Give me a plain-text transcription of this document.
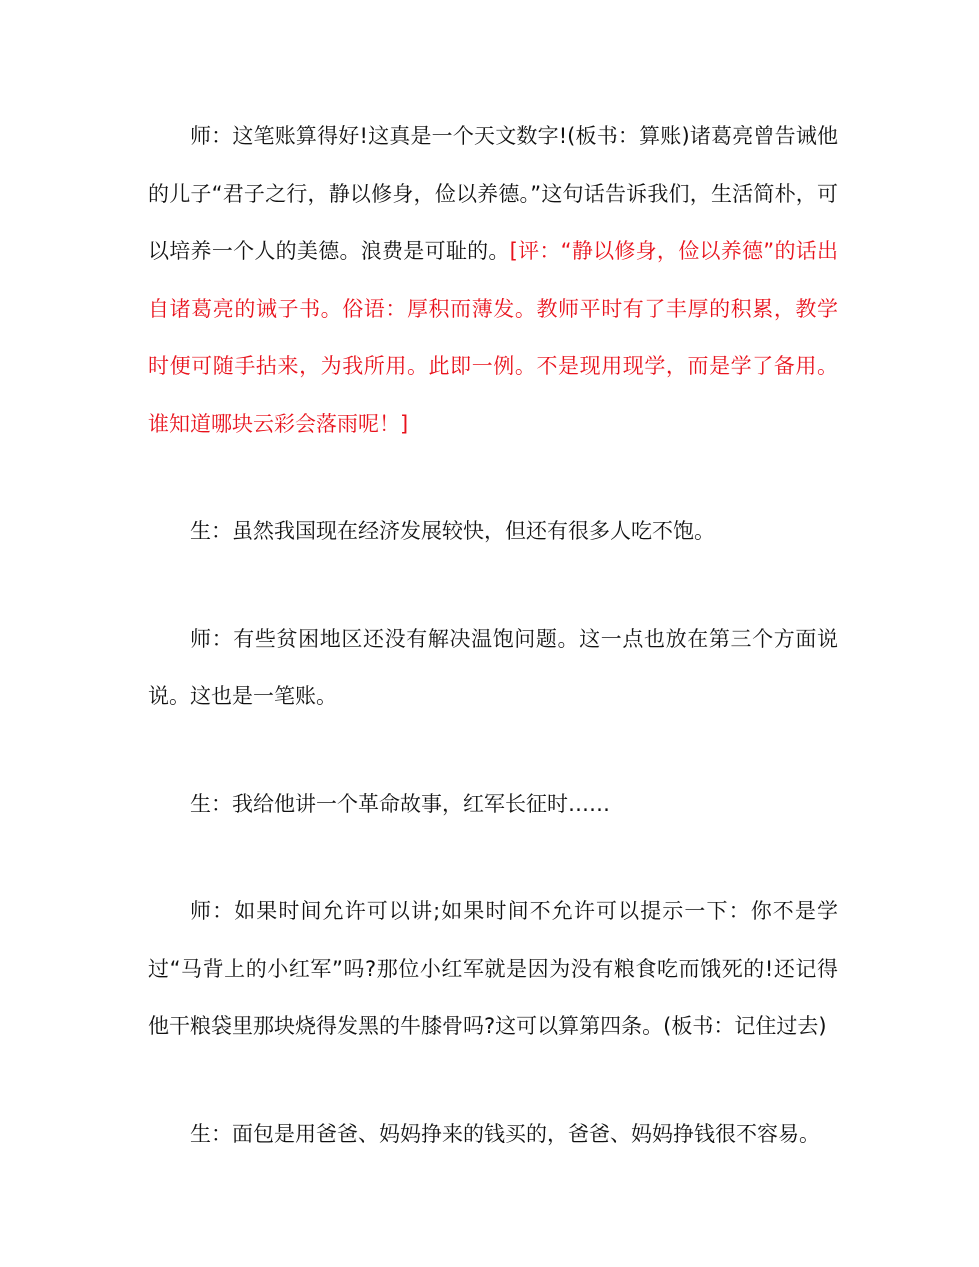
师：这笔账算得好!这真是一个天文数字!(板书：算账)诸葛亮曾告诫他的儿子“君子之行，静以修身，俭以养德。”这句话告诉我们，生活简朴，可以培养一个人的美德。浪费是可耻的。[评：“静以修身，俭以养德”的话出自诸葛亮的诫子书。俗语：厚积而薄发。教师平时有了丰厚的积累，教学时便可随手拈来，为我所用。此即一例。不是现用现学，而是学了备用。谁知道哪块云彩会落雨呢！]

生：虽然我国现在经济发展较快，但还有很多人吃不饱。

师：有些贫困地区还没有解决温饱问题。这一点也放在第三个方面说说。这也是一笔账。

生：我给他讲一个革命故事，红军长征时……

师：如果时间允许可以讲;如果时间不允许可以提示一下：你不是学过“马背上的小红军”吗?那位小红军就是因为没有粮食吃而饿死的!还记得他干粮袋里那块烧得发黑的牛膝骨吗?这可以算第四条。(板书：记住过去)

生：面包是用爸爸、妈妈挣来的钱买的，爸爸、妈妈挣钱很不容易。
